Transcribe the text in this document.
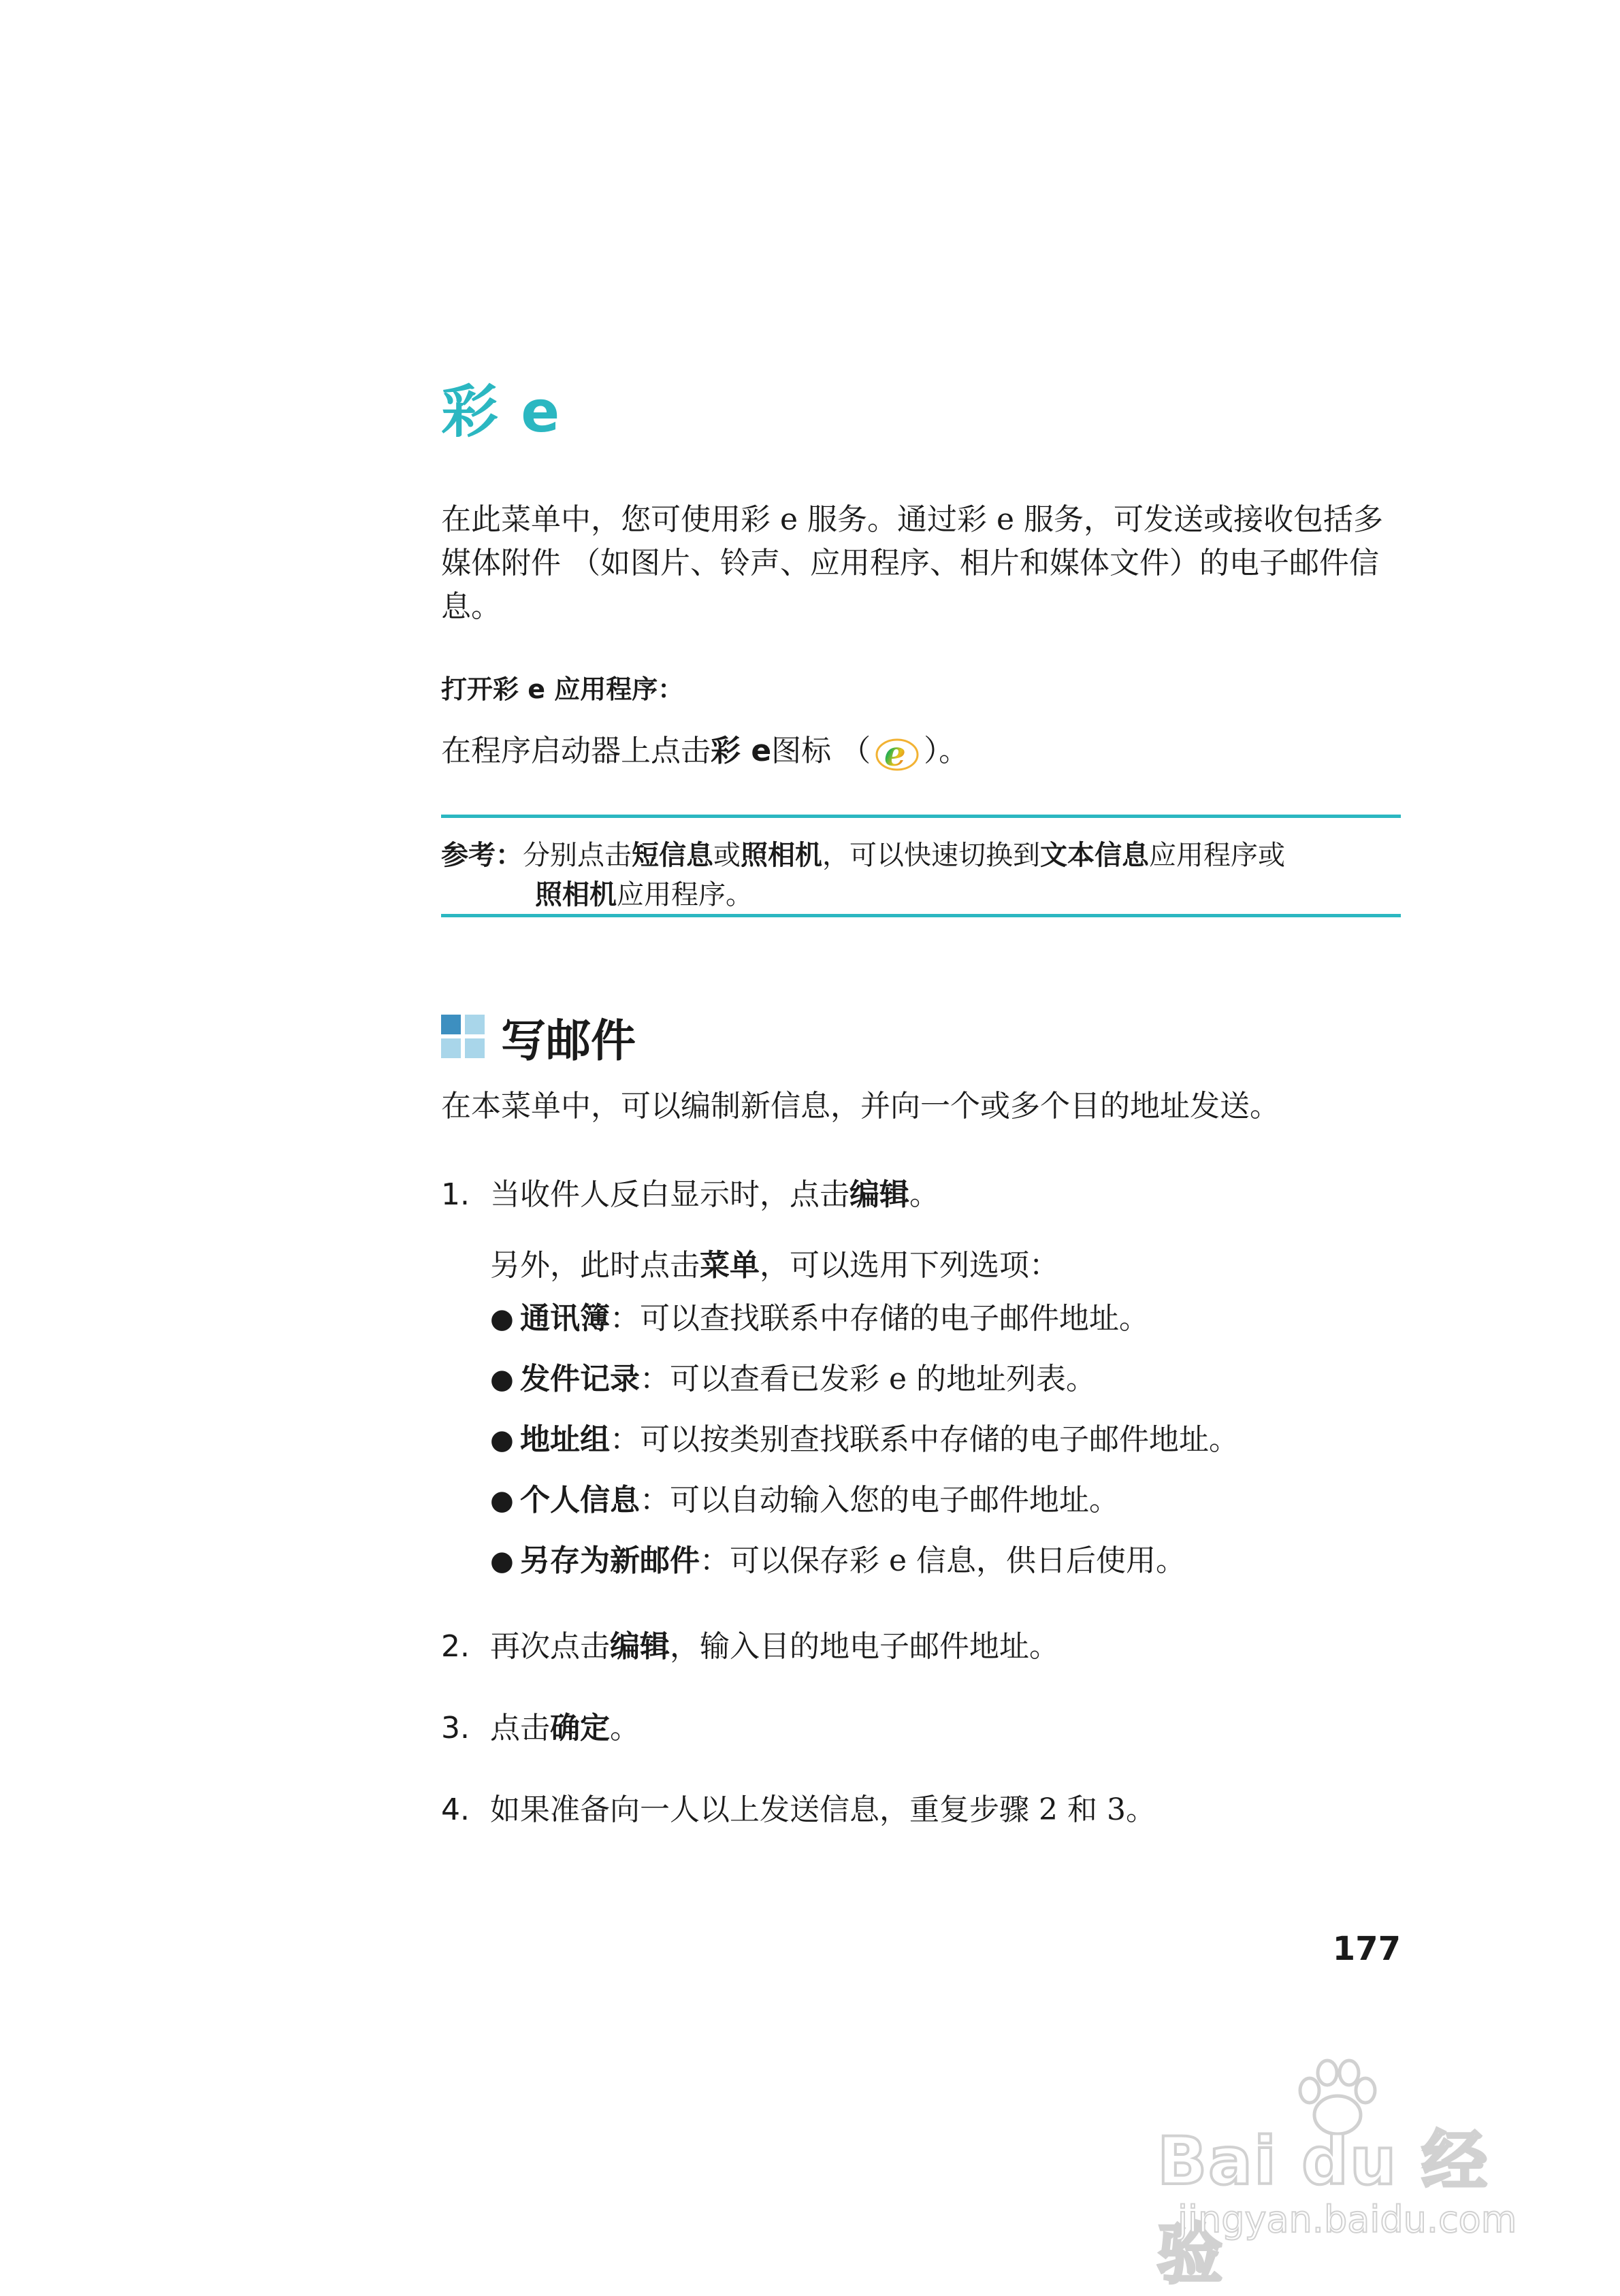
彩 e

在此菜单中，您可使用彩 e 服务。通过彩 e 服务，可发送或接收包括多媒体附件 （如图片、铃声、应用程序、相片和媒体文件）的电子邮件信息。

打开彩 e 应用程序：

在程序启动器上点击彩 e图标 （ e ）。

参考：分别点击短信息或照相机，可以快速切换到文本信息应用程序或
照相机应用程序。
写邮件

在本菜单中，可以编制新信息，并向一个或多个目的地址发送。

1. 当收件人反白显示时，点击编辑。
另外，此时点击菜单，可以选用下列选项：
● 通讯簿 ：可以查找联系中存储的电子邮件地址。
● 发件记录 ：可以查看已发彩 e 的地址列表。
● 地址组 ：可以按类别查找联系中存储的电子邮件地址。
● 个人信息 ：可以自动输入您的电子邮件地址。
● 另存为新邮件 ：可以保存彩 e 信息，供日后使用。
2. 再次点击编辑，输入目的地电子邮件地址。
3. 点击确定。
4. 如果准备向一人以上发送信息，重复步骤 2 和 3。
177
Bai du 经验
jingyan.baidu.com
